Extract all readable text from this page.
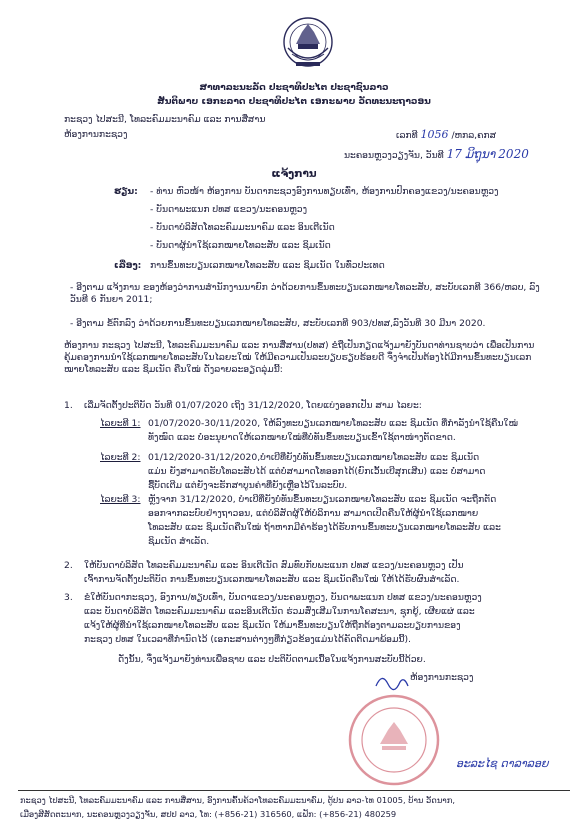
ສາທາລະນະລັດ ປະຊາທິປະໄຕ ປະຊາຊົນລາວ
ສັນຕິພາບ ເອກະລາດ ປະຊາທິປະໄຕ ເອກະພາບ ວັດທະນະຖາວອນ
ກະຊວງ ໄປສະນີ, ໂທລະຄົມມະນາຄົມ ແລະ ການສື່ສານ
ຫ້ອງການກະຊວງ	ເລກທີ 1056 /ຫກລ,ຄກສ
ນະຄອນຫຼວງວຽງຈັນ, ວັນທີ 17 ມິຖຸນາ 2020
ແຈ້ງການ
ຮຽນ: - ທ່ານ ຫົວໜ້າ ຫ້ອງການ ບັນດາກະຊວງອົງການທຽບເທົ່າ, ຫ້ອງການປົກຄອງແຂວງ/ນະຄອນຫຼວງ
- ບັນດາພະແນກ ປທສ ແຂວງ/ນະຄອນຫຼວງ
- ບັນດາບໍລິສັດໂທລະຄົມມະນາຄົມ ແລະ ອິນເຕີເນັດ
- ບັນດາຜູ້ນຳໃຊ້ເລກໝາຍໂທລະສັບ ແລະ ຊິມເນັດ
ເລື່ອງ: ການຂຶ້ນທະບຽນເລກໝາຍໂທລະສັບ ແລະ ຊິມເນັດ ໃນທົ່ວປະເທດ
- ອີງຕາມ ແຈ້ງການ ຂອງຫ້ອງວ່າການສຳນັກງານນາຍົກ ວ່າດ້ວຍການຂຶ້ນທະບຽນເລກໝາຍໂທລະສັບ, ສະບັບເລກທີ 366/ຫລບ, ລົງວັນທີ 6 ກັນຍາ 2011;
- ອີງຕາມ ຂໍ້ຕົກລົງ ວ່າດ້ວຍການຂຶ້ນທະບຽນເລກໝາຍໂທລະສັບ, ສະບັບເລກທີ 903/ປທສ,ລົງວັນທີ 30 ມີນາ 2020.
ຫ້ອງການ ກະຊວງ ໄປສະນີ, ໂທລະຄົມມະນາຄົມ ແລະ ການສື່ສານ(ປທສ) ຂໍຖືເປັນກຽດແຈ້ງມາຍັງບັນດາທ່ານຊາບວ່າ ເພື່ອເປັນການຄຸ້ມຄອງການນຳໃຊ້ເລກໝາຍໂທລະສັບໃນໄລຍະໃໝ່ ໃຫ້ມີຄວາມເປັນລະບຽບຮຽບຮ້ອຍດີ ຈຶ່ງຈຳເປັນຕ້ອງໄດ້ມີການຂຶ້ນທະບຽນເລກໝາຍໂທລະສັບ ແລະ ຊິມເນັດ ຄືນໃໝ່ ດັ່ງລາຍລະອຽດລຸ່ມນີ້:
1. ເລີ່ມຈັດຕັ້ງປະຕິບັດ ວັນທີ 01/07/2020 ເຖິງ 31/12/2020, ໂດຍແບ່ງອອກເປັນ ສາມ ໄລຍະ:
ໄລຍະທີ 1: 01/07/2020-30/11/2020, ໃຫ້ລົງທະບຽນເລກໝາຍໂທລະສັບ ແລະ ຊິມເນັດ ທີ່ກຳລັງນຳໃຊ້ຄືນໃໝ່
ທັງໝົດ ແລະ ບໍ່ອະນຸຍາດໃຫ້ເລກໝາຍໃໝ່ທີ່ບໍ່ທັນຂຶ້ນທະບຽນເຂົ້າໃຊ້ຕາໜ່າງຕັດຂາດ.
ໄລຍະທີ 2: 01/12/2020-31/12/2020,ບໍາເບີທີ່ຍັງບໍ່ທັນຂຶ້ນທະບຽນເລກໝາຍໂທລະສັບ ແລະ ຊິມເນັດ
ແມ່ນ ຍັງສາມາດຮັບໂທລະສັບໄດ້ ແຕ່ບໍ່ສາມາດໂທອອກໄດ້(ຍົກເວັ້ນເບີສຸກເສີນ) ແລະ ບໍ່ສາມາດ
ຊື້ບັດເຕີມ ແຕ່ຍັງຈະຮັກສາບູນຄ່າທີ່ຍັງເຫຼືອໄວ້ໃນລະບົບ.
ໄລຍະທີ 3: ຫຼັງຈາກ 31/12/2020, ບໍາເບີທີ່ຍັງບໍ່ທັນຂຶ້ນທະບຽນເລກໝາຍໂທລະສັບ ແລະ ຊິມເນັດ ຈະຖືກຕັດ
ອອກຈາກລະບົບຢ່າງຖາວອນ, ແຕ່ບໍລິສັດຜູ້ໃຫ້ບໍລິການ ສາມາດເປີດຄືນໃຫ້ຜູ້ນຳໃຊ້ເລກໝາຍ
ໂທລະສັບ ແລະ ຊິມເນັດຄືນໃໝ່ ຖ້າຫາກມີຄຳຮ້ອງໄດ້ຮັບການຂຶ້ນທະບຽນເລກໝາຍໂທລະສັບ ແລະ
ຊິມເນັດ ສຳເລັດ.
2. ໃຫ້ບັນດາບໍລິສັດ ໂທລະຄົມມະນາຄົມ ແລະ ອິນເຕີເນັດ ສົມທົບກັບພະແນກ ປທສ ແຂວງ/ນະຄອນຫຼວງ ເປັນ
ເຈົ້າການຈັດຕັ້ງປະຕິບັດ ການຂຶ້ນທະບຽນເລກໝາຍໂທລະສັບ ແລະ ຊິມເນັດຄືນໃໝ່ ໃຫ້ໄດ້ຮັບຜົນສຳເລັດ.
3. ຂໍໃຫ້ບັນດາກະຊວງ, ອົງການ/ທຽບເທົ່າ, ບັນດາແຂວງ/ນະຄອນຫຼວງ, ບັນດາພະແນກ ປທສ ແຂວງ/ນະຄອນຫຼວງ
ແລະ ບັນດາບໍລິສັດ ໂທລະຄົມມະນາຄົມ ແລະອິນເຕີເນັດ ຮ່ວມສົ່ງເສີມໃນການໂຄສະນາ, ຊຸກຍູ້, ເຜີຍແຜ່ ແລະ
ແຈ້ງໃຫ້ຜູ້ທີ່ນຳໃຊ້ເລກໝາຍໂທລະສັບ ແລະ ຊິມເນັດ ໃຫ້ມາຂຶ້ນທະບຽນໃຫ້ຖືກຕ້ອງຕາມລະບຽບການຂອງ
ກະຊວງ ປທສ ໃນເວລາທີ່ກຳນົດໄວ້ (ເອກະສານຕ່າງໆທີ່ກ່ຽວຂ້ອງແມ່ນໄດ້ຄັດຕິດມາພ້ອມນີ້).
ດັ່ງນັ້ນ, ຈຶ່ງແຈ້ງມາຍັງທ່ານເພື່ອຊາບ ແລະ ປະຕິບັດຕາມເນື້ອໃນແຈ້ງການສະບັບນີ້ດ້ວຍ.
ຫ້ອງການກະຊວງ
ອະລະໄຊ ດາລາລອຍ
ກະຊວງ ໄປສະນີ, ໂທລະຄົມມະນາຄົມ ແລະ ການສື່ສານ, ອົງການຄົ້ນຄ້ວາໂທລະຄົມມະນາຄົມ, ຕູ້ປນ ລາວ-ໄທ 01005, ບ້ານ ວັດນາກ,
ເມືອງສີສັດຕະນາກ, ນະຄອນຫຼວງວຽງຈັນ, ສປປ ລາວ, ໂທ: (+856-21) 316560, ແຟັກ: (+856-21) 480259
